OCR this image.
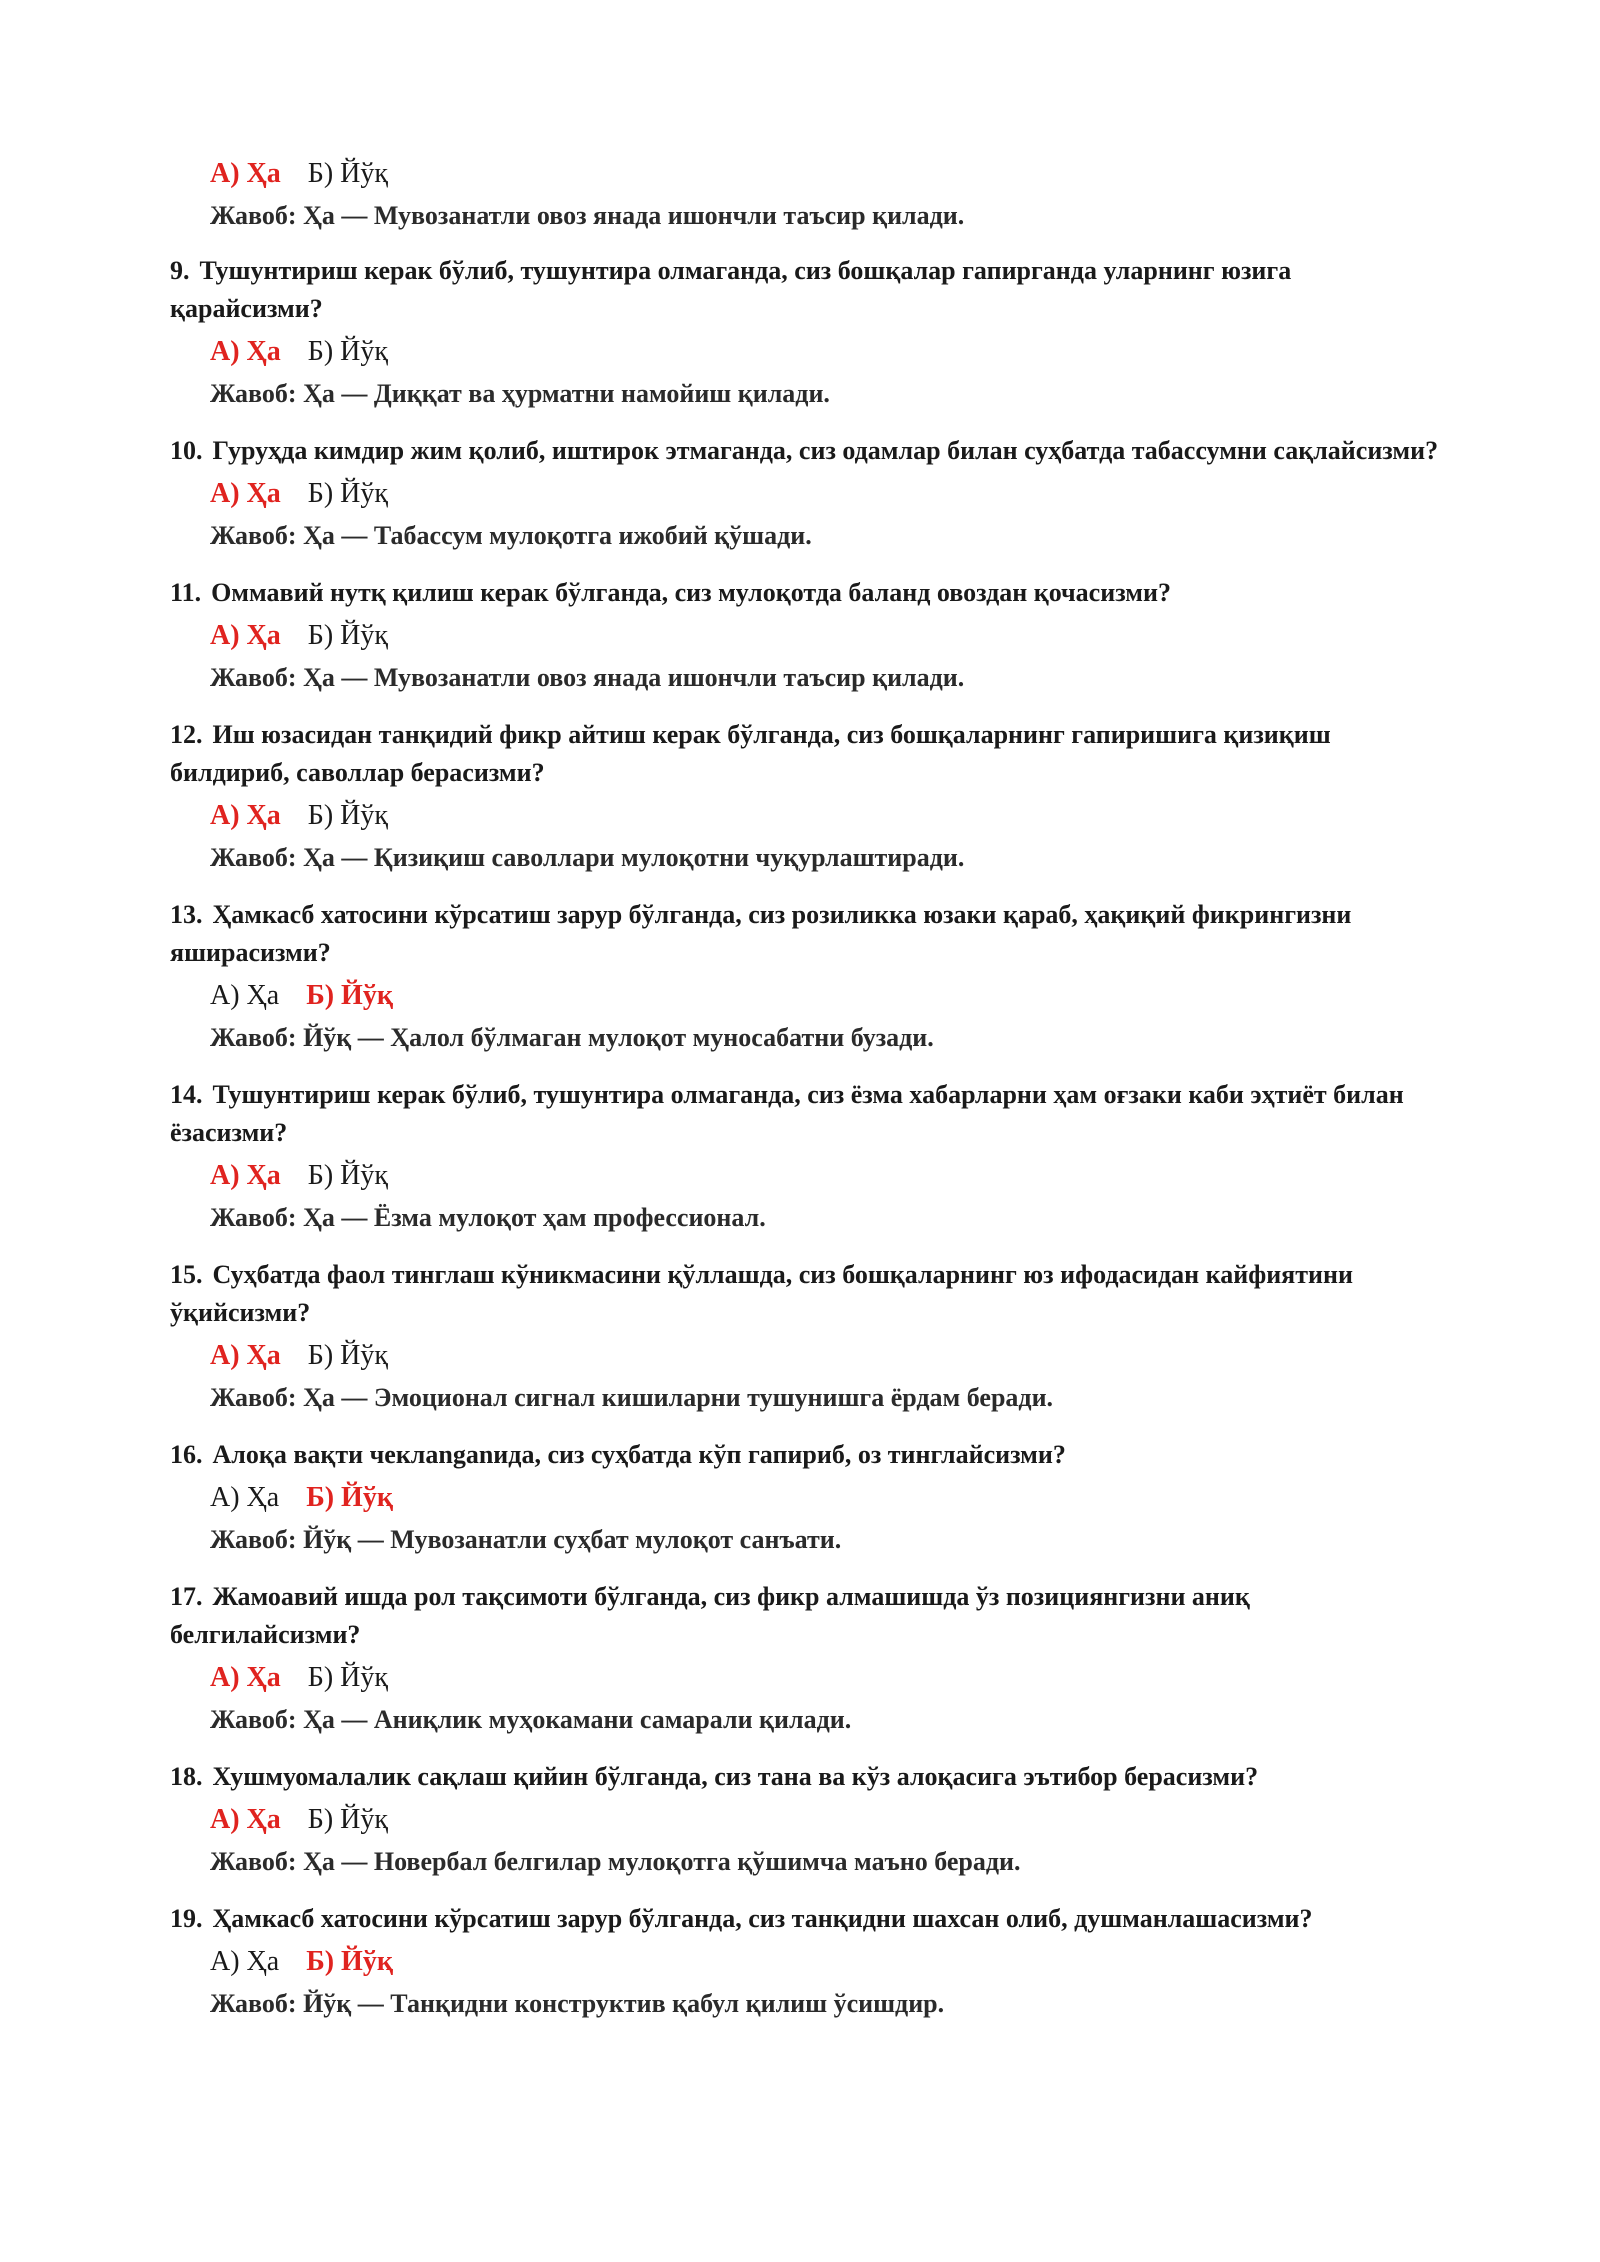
А) Ҳа Б) Йўқ
Жавоб: Ҳа — Мувозанатли овоз янада ишончли таъсир қилади.

9. Тушунтириш керак бўлиб, тушунтира олмаганда, сиз бошқалар гапирганда уларнинг юзига қарайсизми?

А) Ҳа Б) Йўқ
Жавоб: Ҳа — Диққат ва ҳурматни намойиш қилади.

10. Гуруҳда кимдир жим қолиб, иштирок этмаганда, сиз одамлар билан суҳбатда табассумни сақлайсизми?

А) Ҳа Б) Йўқ
Жавоб: Ҳа — Табассум мулоқотга ижобий қўшади.

11. Оммавий нутқ қилиш керак бўлганда, сиз мулоқотда баланд овоздан қочасизми?

А) Ҳа Б) Йўқ
Жавоб: Ҳа — Мувозанатли овоз янада ишончли таъсир қилади.

12. Иш юзасидан танқидий фикр айтиш керак бўлганда, сиз бошқаларнинг гапиришига қизиқиш билдириб, саволлар берасизми?

А) Ҳа Б) Йўқ
Жавоб: Ҳа — Қизиқиш саволлари мулоқотни чуқурлаштиради.

13. Ҳамкасб хатосини кўрсатиш зарур бўлганда, сиз розиликка юзаки қараб, ҳақиқий фикрингизни яширасизми?

А) Ҳа Б) Йўқ
Жавоб: Йўқ — Ҳалол бўлмаган мулоқот муносабатни бузади.

14. Тушунтириш керак бўлиб, тушунтира олмаганда, сиз ёзма хабарларни ҳам оғзаки каби эҳтиёт билан ёзасизми?

А) Ҳа Б) Йўқ
Жавоб: Ҳа — Ёзма мулоқот ҳам профессионал.

15. Суҳбатда фаол тинглаш кўникмасини қўллашда, сиз бошқаларнинг юз ифодасидан кайфиятини ўқийсизми?

А) Ҳа Б) Йўқ
Жавоб: Ҳа — Эмоционал сигнал кишиларни тушунишга ёрдам беради.

16. Алоқа вақти чеклanganида, сиз суҳбатда кўп гапириб, оз тинглайсизми?

А) Ҳа Б) Йўқ
Жавоб: Йўқ — Мувозанатли суҳбат мулоқот санъати.

17. Жамоавий ишда рол тақсимоти бўлганда, сиз фикр алмашишда ўз позициянгизни аниқ белгилайсизми?

А) Ҳа Б) Йўқ
Жавоб: Ҳа — Аниқлик муҳокамани самарали қилади.

18. Хушмуомалалик сақлаш қийин бўлганда, сиз тана ва кўз алоқасига эътибор берасизми?

А) Ҳа Б) Йўқ
Жавоб: Ҳа — Новербал белгилар мулоқотга қўшимча маъно беради.

19. Ҳамкасб хатосини кўрсатиш зарур бўлганда, сиз танқидни шахсан олиб, душманлашасизми?

А) Ҳа Б) Йўқ
Жавоб: Йўқ — Танқидни конструктив қабул қилиш ўсишдир.
